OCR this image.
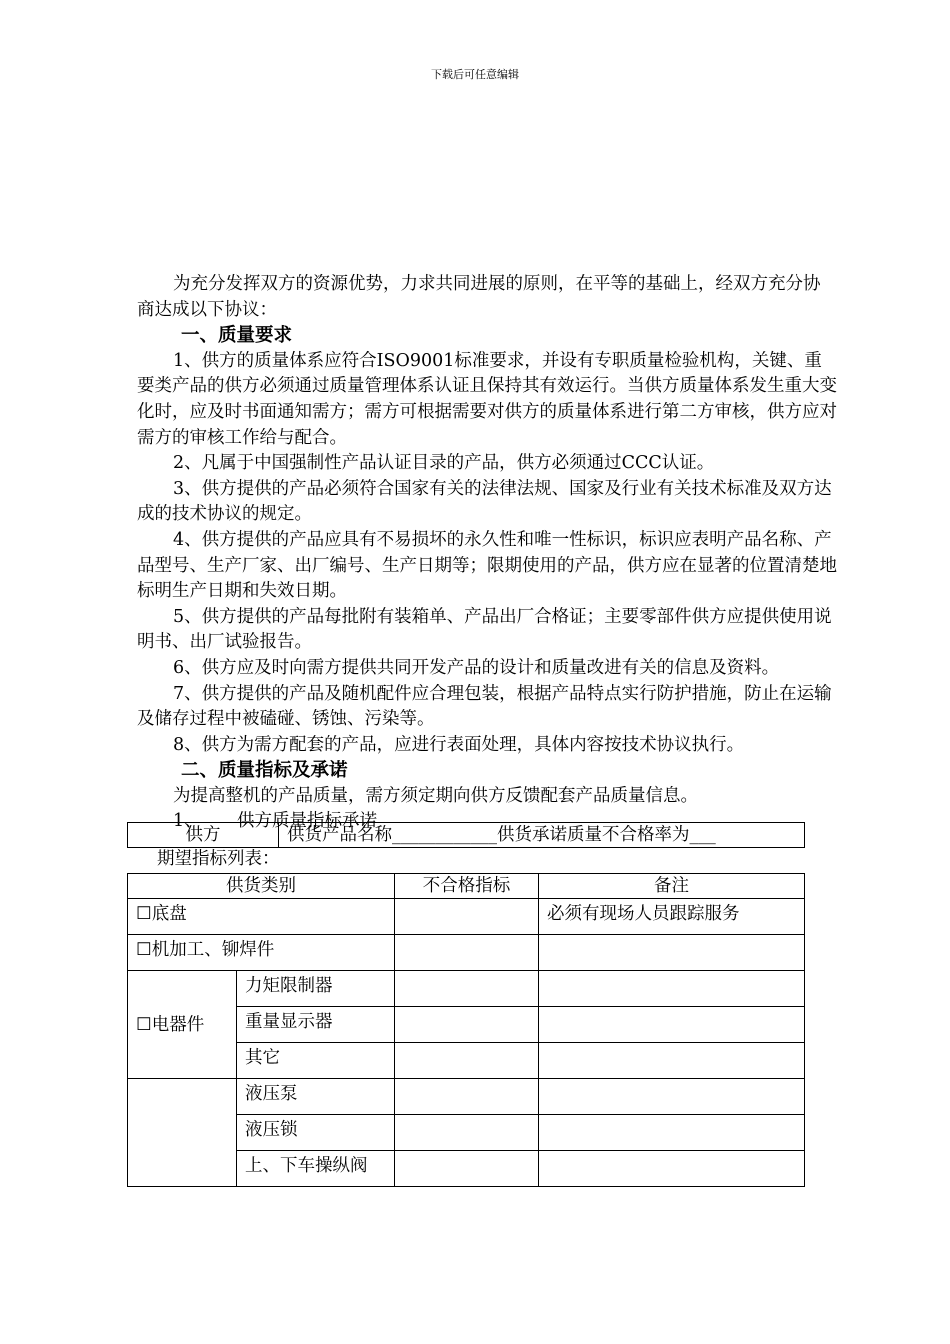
下载后可任意编辑

为充分发挥双方的资源优势，力求共同进展的原则，在平等的基础上，经双方充分协商达成以下协议：

一、质量要求

1、供方的质量体系应符合ISO9001标准要求，并设有专职质量检验机构，关键、重要类产品的供方必须通过质量管理体系认证且保持其有效运行。当供方质量体系发生重大变化时，应及时书面通知需方；需方可根据需要对供方的质量体系进行第二方审核，供方应对需方的审核工作给与配合。

2、凡属于中国强制性产品认证目录的产品，供方必须通过CCC认证。

3、供方提供的产品必须符合国家有关的法律法规、国家及行业有关技术标准及双方达成的技术协议的规定。

4、供方提供的产品应具有不易损坏的永久性和唯一性标识，标识应表明产品名称、产品型号、生产厂家、出厂编号、生产日期等；限期使用的产品，供方应在显著的位置清楚地标明生产日期和失效日期。

5、供方提供的产品每批附有装箱单、产品出厂合格证；主要零部件供方应提供使用说明书、出厂试验报告。

6、供方应及时向需方提供共同开发产品的设计和质量改进有关的信息及资料。

7、供方提供的产品及随机配件应合理包装，根据产品特点实行防护措施，防止在运输及储存过程中被磕碰、锈蚀、污染等。

8、供方为需方配套的产品，应进行表面处理，具体内容按技术协议执行。

二、质量指标及承诺

为提高整机的产品质量，需方须定期向供方反馈配套产品质量信息。

1、 供方质量指标承诺

供方	供货产品名称____________供货承诺质量不合格率为___
期望指标列表：
供货类别		不合格指标	备注
☐底盘			必须有现场人员跟踪服务
☐机加工、铆焊件			
☐电器件	力矩限制器		
	重量显示器		
	其它		
	液压泵		
	液压锁		
	上、下车操纵阀		
